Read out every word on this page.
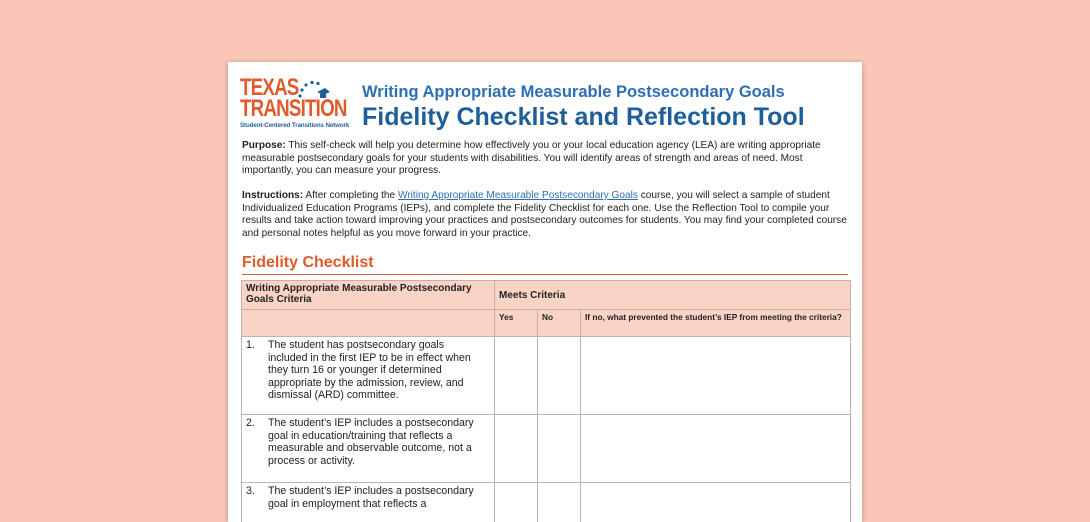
TEXAS
TRANSITION
Student-Centered Transitions Network
Writing Appropriate Measurable Postsecondary Goals
Fidelity Checklist and Reflection Tool
Purpose: This self-check will help you determine how effectively you or your local education agency (LEA) are writing appropriate measurable postsecondary goals for your students with disabilities. You will identify areas of strength and areas of need. Most importantly, you can measure your progress.
Instructions: After completing the Writing Appropriate Measurable Postsecondary Goals course, you will select a sample of student Individualized Education Programs (IEPs), and complete the Fidelity Checklist for each one. Use the Reflection Tool to compile your results and take action toward improving your practices and postsecondary outcomes for students. You may find your completed course and personal notes helpful as you move forward in your practice.
Fidelity Checklist
Writing Appropriate Measurable Postsecondary Goals Criteria	Meets Criteria		
	Yes	No	If no, what prevented the student’s IEP from meeting the criteria?
1. The student has postsecondary goals included in the first IEP to be in effect when they turn 16 or younger if determined appropriate by the admission, review, and dismissal (ARD) committee.			
2. The student’s IEP includes a postsecondary goal in education/training that reflects a measurable and observable outcome, not a process or activity.			
3. The student’s IEP includes a postsecondary goal in employment that reflects a			
